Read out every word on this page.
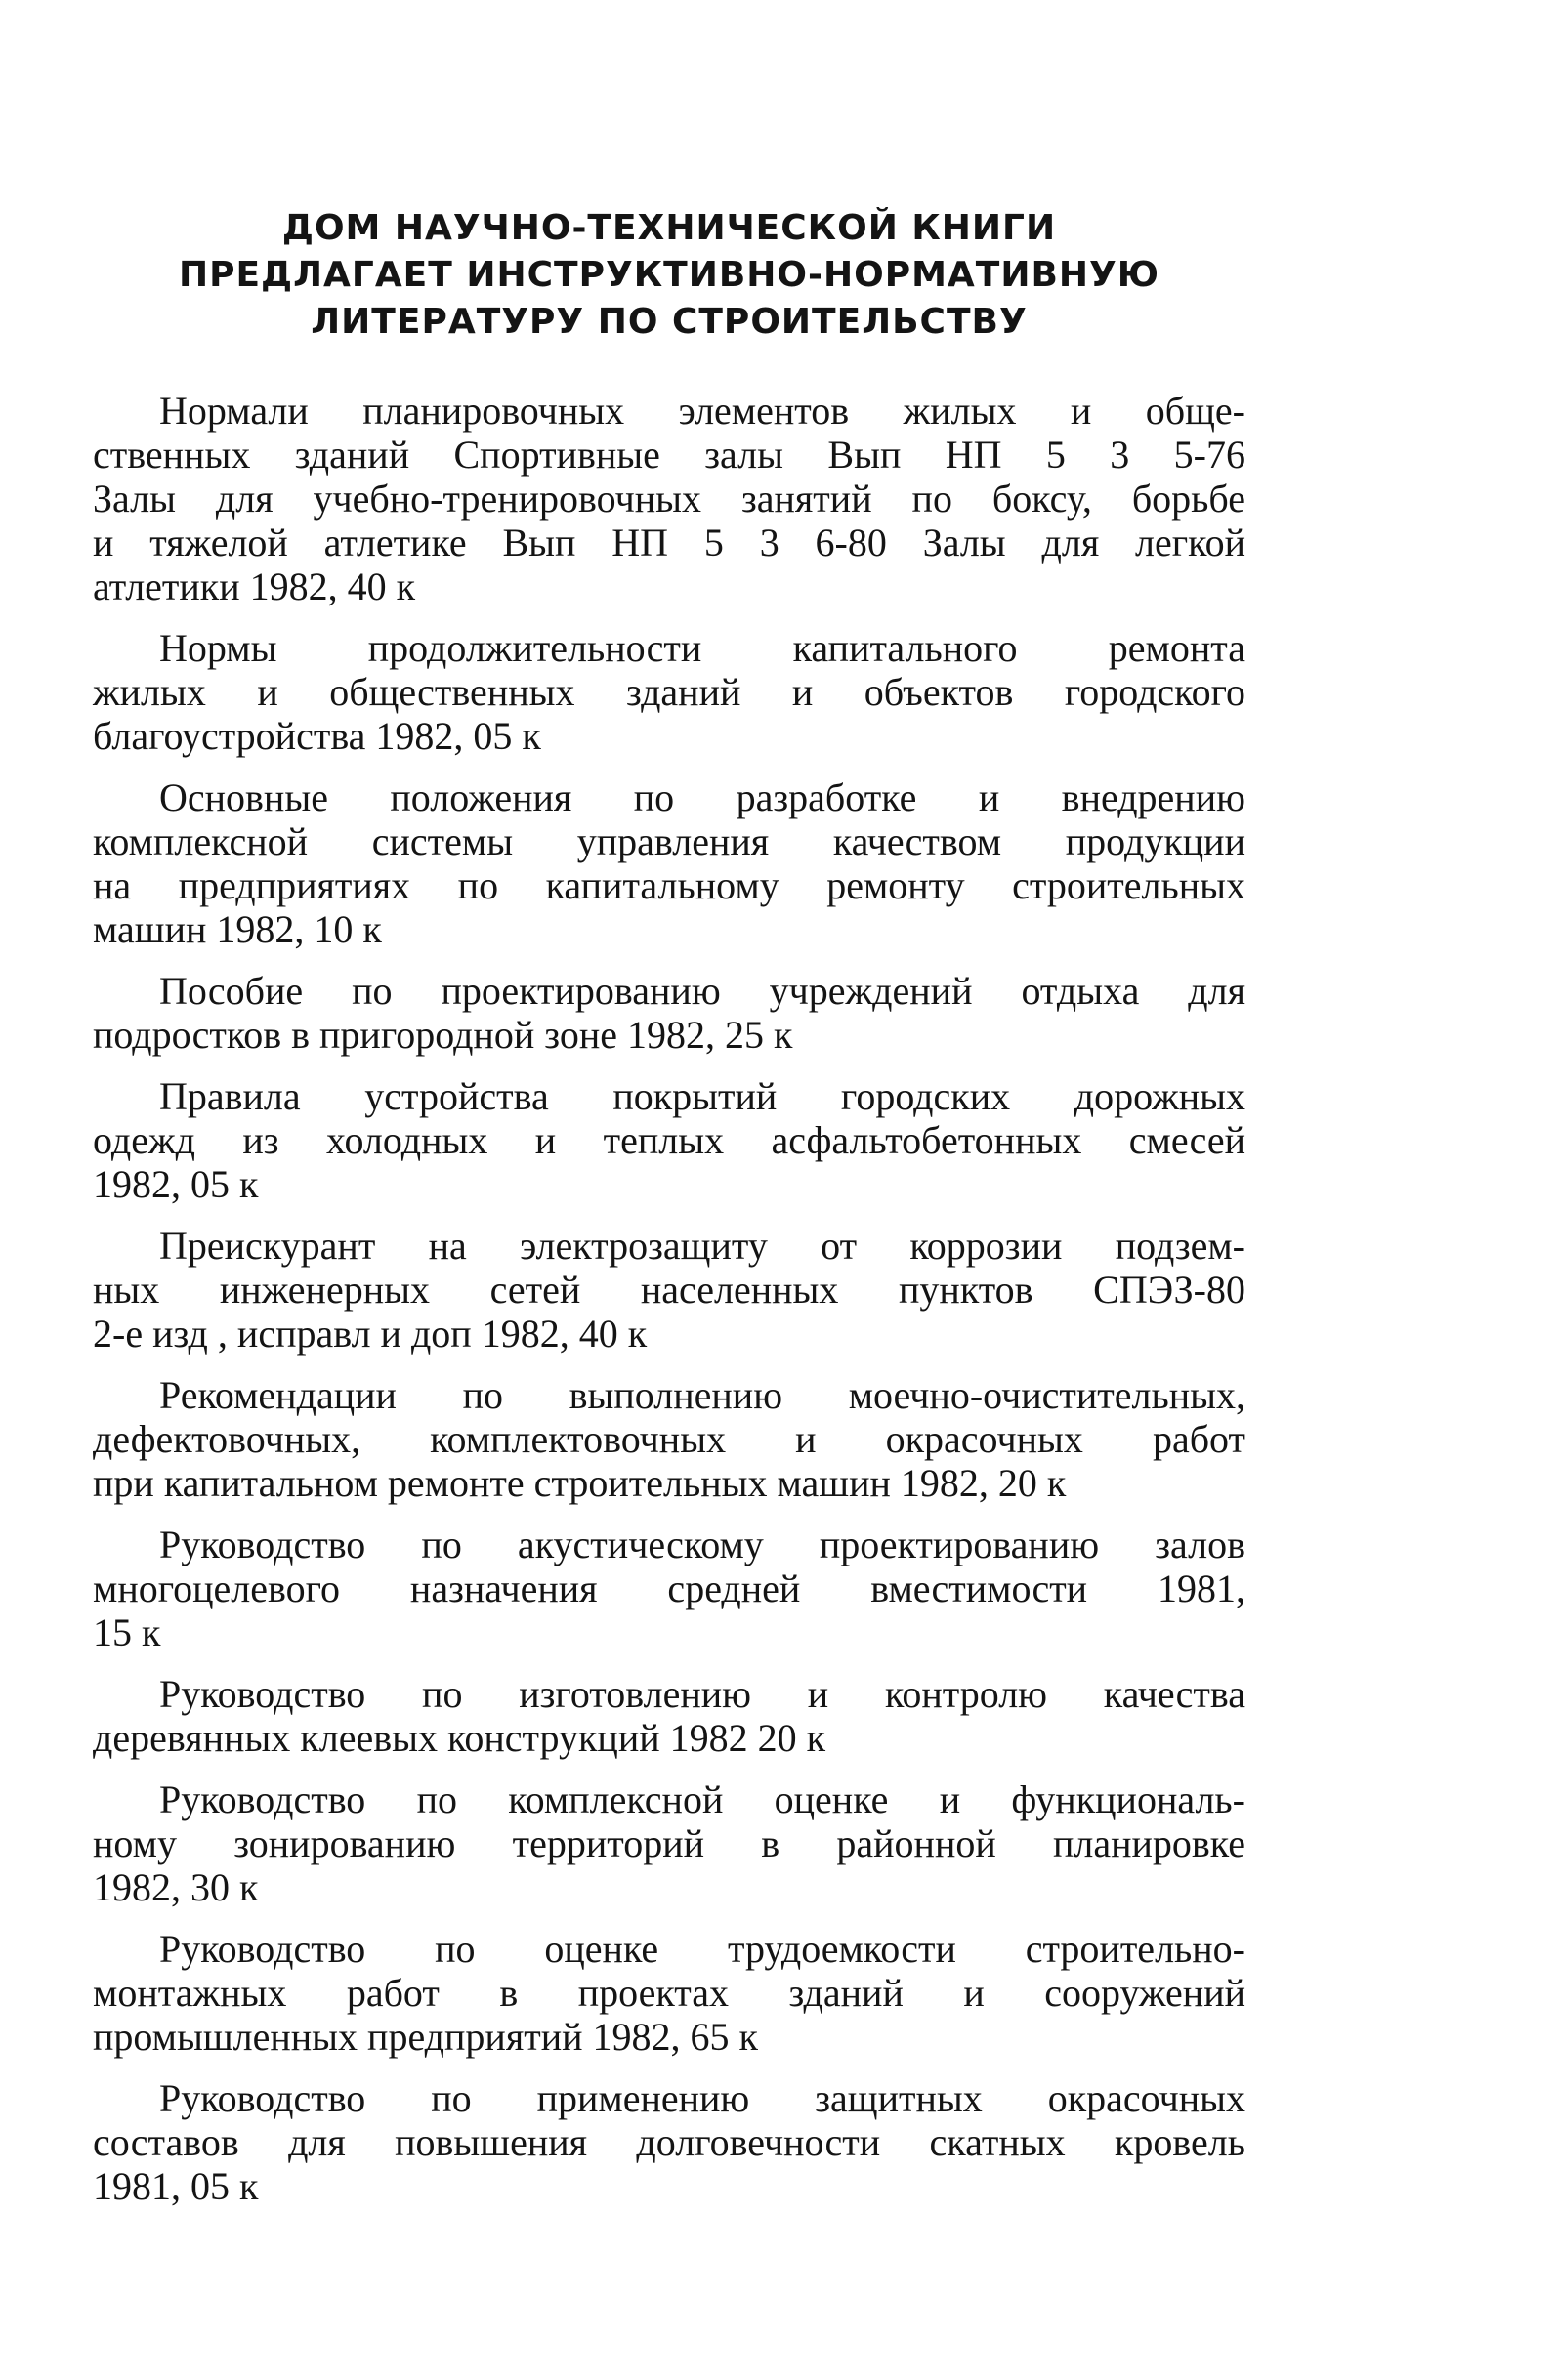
ДОМ НАУЧНО-ТЕХНИЧЕСКОЙ КНИГИ
ПРЕДЛАГАЕТ ИНСТРУКТИВНО-НОРМАТИВНУЮ
ЛИТЕРАТУРУ ПО СТРОИТЕЛЬСТВУ
Нормали планировочных элементов жилых и обще-
ственных зданий Спортивные залы Вып НП 5 3 5-76
Залы для учебно-тренировочных занятий по боксу, борьбе
и тяжелой атлетике Вып НП 5 3 6-80 Залы для легкой
атлетики 1982, 40 к
Нормы продолжительности капитального ремонта
жилых и общественных зданий и объектов городского
благоустройства 1982, 05 к
Основные положения по разработке и внедрению
комплексной системы управления качеством продукции
на предприятиях по капитальному ремонту строительных
машин 1982, 10 к
Пособие по проектированию учреждений отдыха для
подростков в пригородной зоне 1982, 25 к
Правила устройства покрытий городских дорожных
одежд из холодных и теплых асфальтобетонных смесей
1982, 05 к
Преискурант на электрозащиту от коррозии подзем-
ных инженерных сетей населенных пунктов СПЭЗ-80
2-е изд , исправл и доп 1982, 40 к
Рекомендации по выполнению моечно-очистительных,
дефектовочных, комплектовочных и окрасочных работ
при капитальном ремонте строительных машин 1982, 20 к
Руководство по акустическому проектированию залов
многоцелевого назначения средней вместимости 1981,
15 к
Руководство по изготовлению и контролю качества
деревянных клеевых конструкций 1982 20 к
Руководство по комплексной оценке и функциональ-
ному зонированию территорий в районной планировке
1982, 30 к
Руководство по оценке трудоемкости строительно-
монтажных работ в проектах зданий и сооружений
промышленных предприятий 1982, 65 к
Руководство по применению защитных окрасочных
составов для повышения долговечности скатных кровель
1981, 05 к
